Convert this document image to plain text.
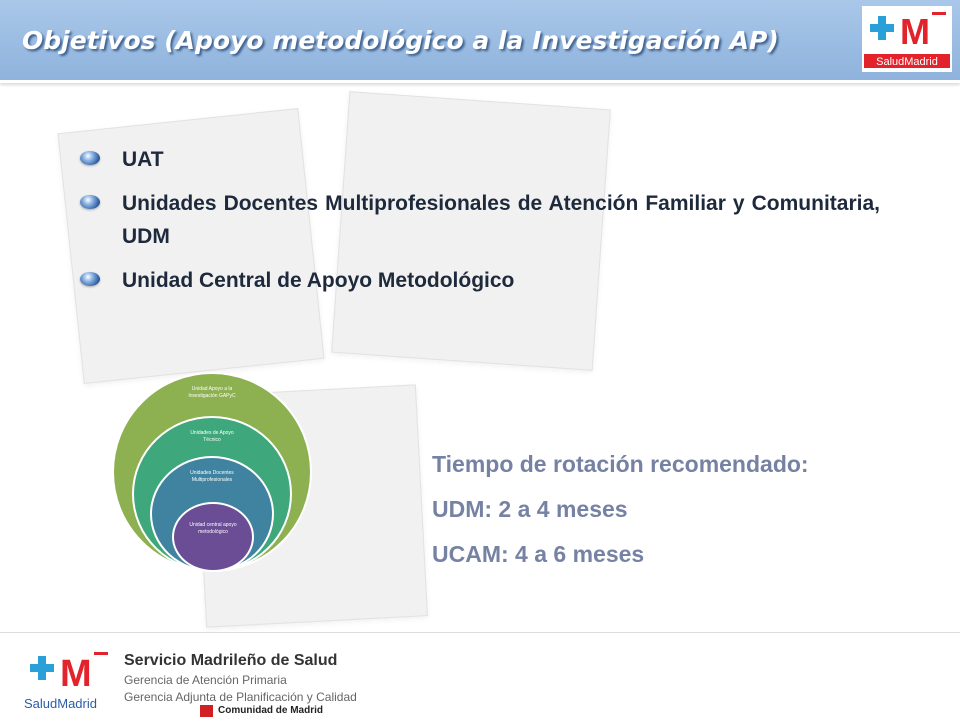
Objetivos (Apoyo metodológico a la Investigación AP)	M
SaludMadrid
UAT
Unidades Docentes Multiprofesionales de Atención Familiar y Comunitaria, UDM
Unidad Central de Apoyo Metodológico
Unidad Apoyo a la Investigación GAPyC
Unidades de Apoyo Técnico
Unidades Docentes Multiprofesionales
Unidad central apoyo metodológico
Tiempo de rotación recomendado:
UDM: 2 a 4 meses
UCAM: 4 a 6 meses
M
SaludMadrid
Servicio Madrileño de Salud
Gerencia de Atención Primaria
Gerencia Adjunta de Planificación y Calidad
Comunidad de Madrid
